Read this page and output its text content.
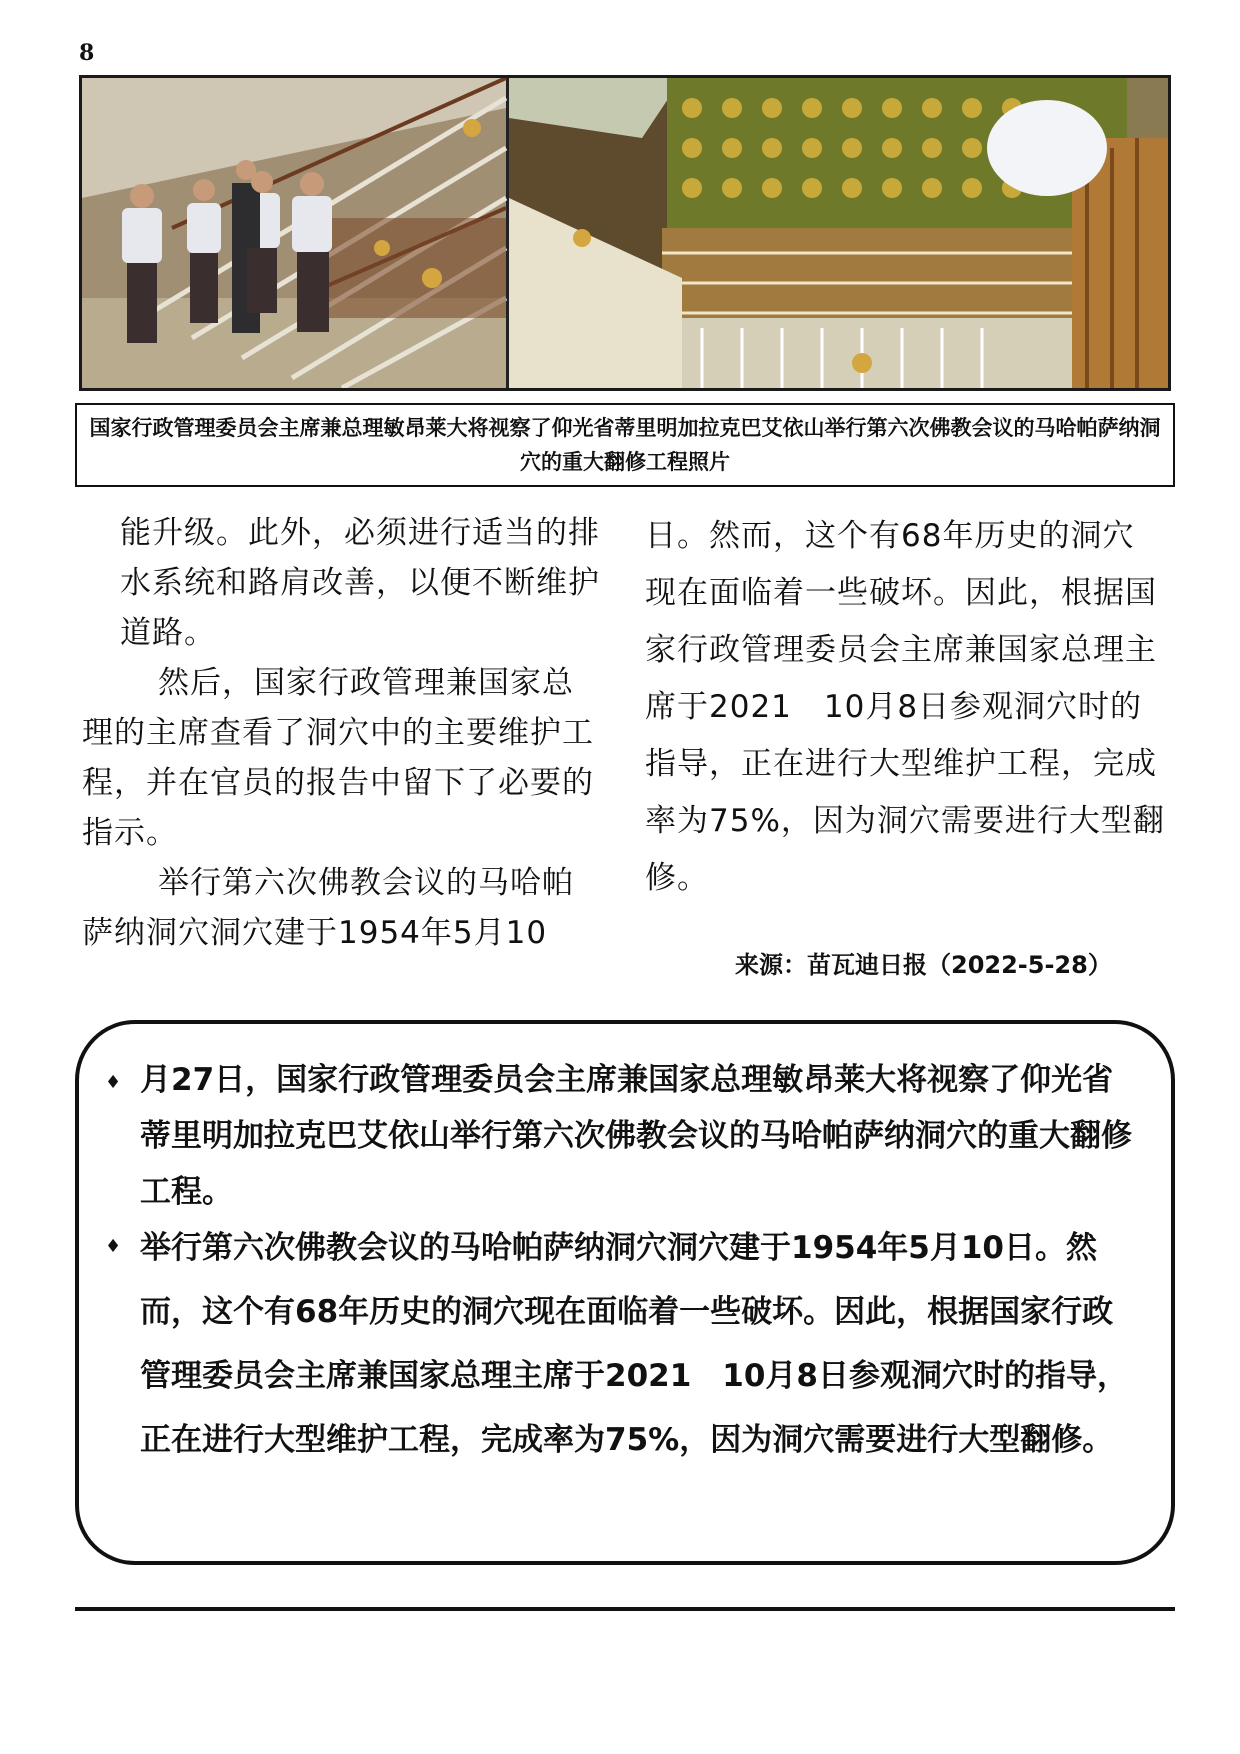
8
国家行政管理委员会主席兼总理敏昂莱大将视察了仰光省蒂里明加拉克巴艾依山举行第六次佛教会议的马哈帕萨纳洞穴的重大翻修工程照片

能升级。此外，必须进行适当的排水系统和路肩改善，以便不断维护道路。

然后，国家行政管理兼国家总理的主席查看了洞穴中的主要维护工程，并在官员的报告中留下了必要的指示。

举行第六次佛教会议的马哈帕萨纳洞穴洞穴建于1954年5月10

日。然而，这个有68年历史的洞穴现在面临着一些破坏。因此，根据国家行政管理委员会主席兼国家总理主席于2021　10月8日参观洞穴时的指导，正在进行大型维护工程，完成率为75%，因为洞穴需要进行大型翻修。

来源：苗瓦迪日报（2022-5-28）
♦ 月27日，国家行政管理委员会主席兼国家总理敏昂莱大将视察了仰光省蒂里明加拉克巴艾依山举行第六次佛教会议的马哈帕萨纳洞穴的重大翻修工程。
♦ 举行第六次佛教会议的马哈帕萨纳洞穴洞穴建于1954年5月10日。然而，这个有68年历史的洞穴现在面临着一些破坏。因此，根据国家行政管理委员会主席兼国家总理主席于2021　10月8日参观洞穴时的指导，正在进行大型维护工程，完成率为75%，因为洞穴需要进行大型翻修。
